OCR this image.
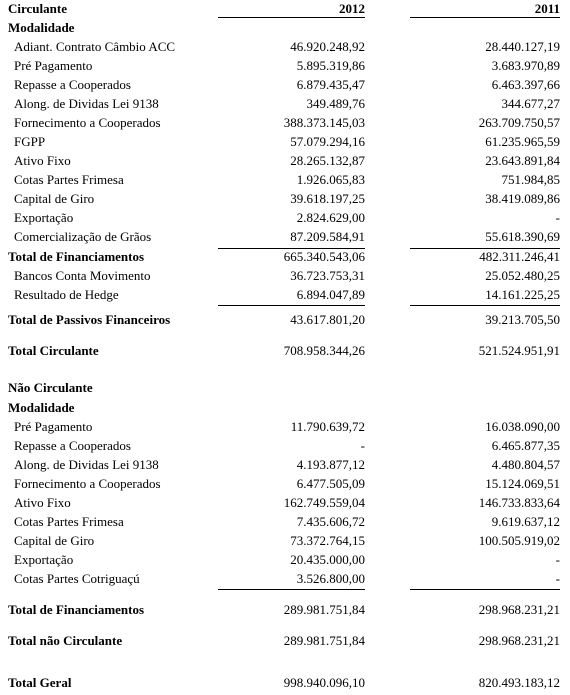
Circulante	2012	2011
Modalidade
Adiant. Contrato Câmbio ACC	46.920.248,92	28.440.127,19
Pré Pagamento	5.895.319,86	3.683.970,89
Repasse a Cooperados	6.879.435,47	6.463.397,66
Along. de Dividas Lei 9138	349.489,76	344.677,27
Fornecimento a Cooperados	388.373.145,03	263.709.750,57
FGPP	57.079.294,16	61.235.965,59
Ativo Fixo	28.265.132,87	23.643.891,84
Cotas Partes Frimesa	1.926.065,83	751.984,85
Capital de Giro	39.618.197,25	38.419.089,86
Exportação	2.824.629,00	-
Comercialização de Grãos	87.209.584,91	55.618.390,69
Total de Financiamentos	665.340.543,06	482.311.246,41
Bancos Conta Movimento	36.723.753,31	25.052.480,25
Resultado de Hedge	6.894.047,89	14.161.225,25
Total de Passivos Financeiros	43.617.801,20	39.213.705,50
Total Circulante	708.958.344,26	521.524.951,91
Não Circulante
Modalidade
Pré Pagamento	11.790.639,72	16.038.090,00
Repasse a Cooperados	-	6.465.877,35
Along. de Dividas Lei 9138	4.193.877,12	4.480.804,57
Fornecimento a Cooperados	6.477.505,09	15.124.069,51
Ativo Fixo	162.749.559,04	146.733.833,64
Cotas Partes Frimesa	7.435.606,72	9.619.637,12
Capital de Giro	73.372.764,15	100.505.919,02
Exportação	20.435.000,00	-
Cotas Partes Cotriguaçú	3.526.800,00	-
Total de Financiamentos	289.981.751,84	298.968.231,21
Total não Circulante	289.981.751,84	298.968.231,21
Total Geral	998.940.096,10	820.493.183,12
